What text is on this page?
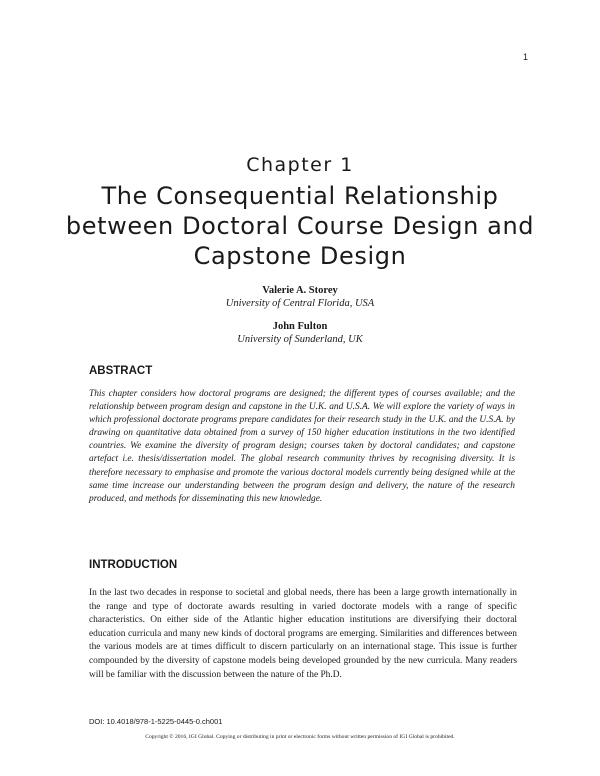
1
Chapter 1
The Consequential Relationship between Doctoral Course Design and Capstone Design
Valerie A. Storey
University of Central Florida, USA
John Fulton
University of Sunderland, UK
ABSTRACT

This chapter considers how doctoral programs are designed; the different types of courses available; and the relationship between program design and capstone in the U.K. and U.S.A. We will explore the variety of ways in which professional doctorate programs prepare candidates for their research study in the U.K. and the U.S.A. by drawing on quantitative data obtained from a survey of 150 higher education institutions in the two identified countries. We examine the diversity of program design; courses taken by doctoral candidates; and capstone artefact i.e. thesis/dissertation model. The global research community thrives by recognising diversity. It is therefore necessary to emphasise and promote the various doctoral models currently being designed while at the same time increase our understanding between the program design and delivery, the nature of the research produced, and methods for disseminating this new knowledge.

INTRODUCTION

In the last two decades in response to societal and global needs, there has been a large growth internationally in the range and type of doctorate awards resulting in varied doctorate models with a range of specific characteristics. On either side of the Atlantic higher education institutions are diversifying their doctoral education curricula and many new kinds of doctoral programs are emerging. Similarities and differences between the various models are at times difficult to discern particularly on an international stage. This issue is further compounded by the diversity of capstone models being developed grounded by the new curricula. Many readers will be familiar with the discussion between the nature of the Ph.D.

DOI: 10.4018/978-1-5225-0445-0.ch001
Copyright © 2016, IGI Global. Copying or distributing in print or electronic forms without written permission of IGI Global is prohibited.
